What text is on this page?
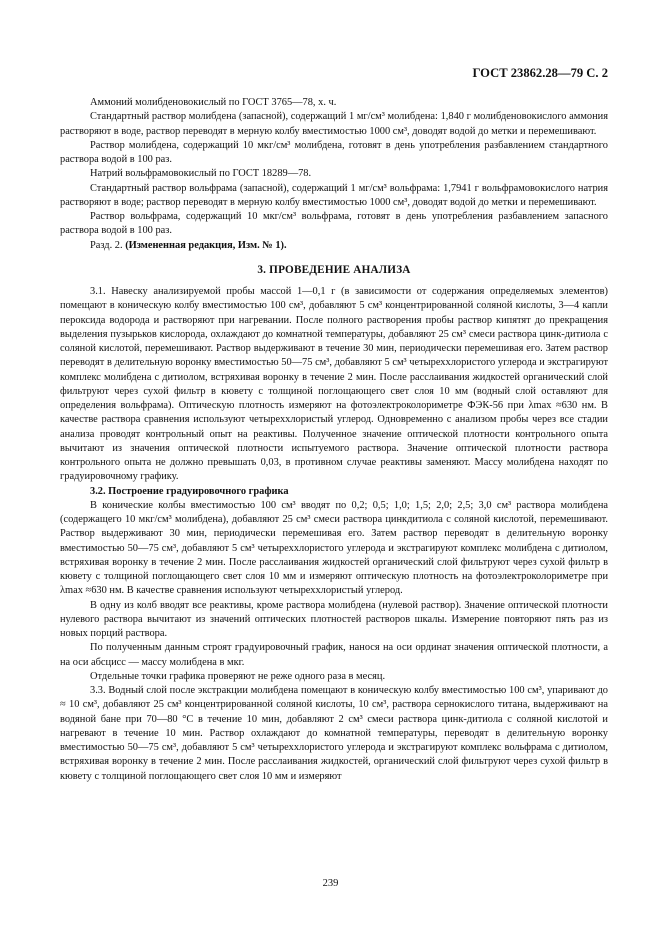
ГОСТ 23862.28—79 С. 2

Аммоний молибденовокислый по ГОСТ 3765—78, х. ч.

Стандартный раствор молибдена (запасной), содержащий 1 мг/см³ молибдена: 1,840 г молибденовокислого аммония растворяют в воде, раствор переводят в мерную колбу вместимостью 1000 см³, доводят водой до метки и перемешивают.

Раствор молибдена, содержащий 10 мкг/см³ молибдена, готовят в день употребления разбавлением стандартного раствора водой в 100 раз.

Натрий вольфрамовокислый по ГОСТ 18289—78.

Стандартный раствор вольфрама (запасной), содержащий 1 мг/см³ вольфрама: 1,7941 г вольфрамовокислого натрия растворяют в воде; раствор переводят в мерную колбу вместимостью 1000 см³, доводят водой до метки и перемешивают.

Раствор вольфрама, содержащий 10 мкг/см³ вольфрама, готовят в день употребления разбавлением запасного раствора водой в 100 раз.

Разд. 2. (Измененная редакция, Изм. № 1).

3. ПРОВЕДЕНИЕ АНАЛИЗА

3.1. Навеску анализируемой пробы массой 1—0,1 г (в зависимости от содержания определяемых элементов) помещают в коническую колбу вместимостью 100 см³, добавляют 5 см³ концентрированной соляной кислоты, 3—4 капли пероксида водорода и растворяют при нагревании. После полного растворения пробы раствор кипятят до прекращения выделения пузырьков кислорода, охлаждают до комнатной температуры, добавляют 25 см³ смеси раствора цинк-дитиола с соляной кислотой, перемешивают. Раствор выдерживают в течение 30 мин, периодически перемешивая его. Затем раствор переводят в делительную воронку вместимостью 50—75 см³, добавляют 5 см³ четыреххлористого углерода и экстрагируют комплекс молибдена с дитиолом, встряхивая воронку в течение 2 мин. После расслаивания жидкостей органический слой фильтруют через сухой фильтр в кювету с толщиной поглощающего свет слоя 10 мм (водный слой оставляют для определения вольфрама). Оптическую плотность измеряют на фотоэлектроколориметре ФЭК-56 при λmax ≈630 нм. В качестве раствора сравнения используют четыреххлористый углерод. Одновременно с анализом пробы через все стадии анализа проводят контрольный опыт на реактивы. Полученное значение оптической плотности контрольного опыта вычитают из значения оптической плотности испытуемого раствора. Значение оптической плотности раствора контрольного опыта не должно превышать 0,03, в противном случае реактивы заменяют. Массу молибдена находят по градуировочному графику.

3.2. Построение градуировочного графика

В конические колбы вместимостью 100 см³ вводят по 0,2; 0,5; 1,0; 1,5; 2,0; 2,5; 3,0 см³ раствора молибдена (содержащего 10 мкг/см³ молибдена), добавляют 25 см³ смеси раствора цинкдитиола с соляной кислотой, перемешивают. Раствор выдерживают 30 мин, периодически перемешивая его. Затем раствор переводят в делительную воронку вместимостью 50—75 см³, добавляют 5 см³ четыреххлористого углерода и экстрагируют комплекс молибдена с дитиолом, встряхивая воронку в течение 2 мин. После расслаивания жидкостей органический слой фильтруют через сухой фильтр в кювету с толщиной поглощающего свет слоя 10 мм и измеряют оптическую плотность на фотоэлектроколориметре при λmax ≈630 нм. В качестве сравнения используют четыреххлористый углерод.

В одну из колб вводят все реактивы, кроме раствора молибдена (нулевой раствор). Значение оптической плотности нулевого раствора вычитают из значений оптических плотностей растворов шкалы. Измерение повторяют пять раз из новых порций раствора.

По полученным данным строят градуировочный график, нанося на оси ординат значения оптической плотности, а на оси абсцисс — массу молибдена в мкг.

Отдельные точки графика проверяют не реже одного раза в месяц.

3.3. Водный слой после экстракции молибдена помещают в коническую колбу вместимостью 100 см³, упаривают до ≈ 10 см³, добавляют 25 см³ концентрированной соляной кислоты, 10 см³, раствора сернокислого титана, выдерживают на водяной бане при 70—80 °С в течение 10 мин, добавляют 2 см³ смеси раствора цинк-дитиола с соляной кислотой и нагревают в течение 10 мин. Раствор охлаждают до комнатной температуры, переводят в делительную воронку вместимостью 50—75 см³, добавляют 5 см³ четыреххлористого углерода и экстрагируют комплекс вольфрама с дитиолом, встряхивая воронку в течение 2 мин. После расслаивания жидкостей, органический слой фильтруют через сухой фильтр в кювету с толщиной поглощающего свет слоя 10 мм и измеряют

239
